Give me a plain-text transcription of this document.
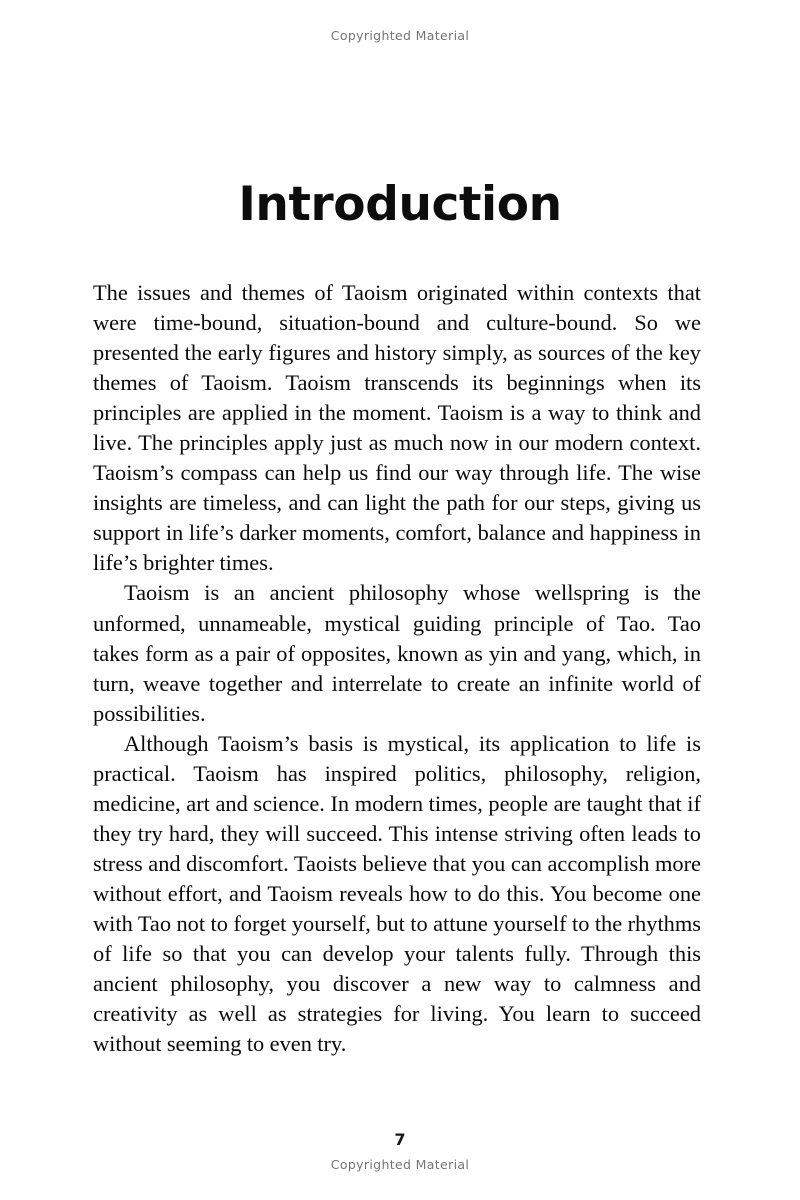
Copyrighted Material
Introduction

The issues and themes of Taoism originated within contexts that were time-bound, situation-bound and culture-bound. So we presented the early figures and history simply, as sources of the key themes of Taoism. Taoism transcends its beginnings when its principles are applied in the moment. Taoism is a way to think and live. The principles apply just as much now in our modern context. Taoism’s compass can help us find our way through life. The wise insights are timeless, and can light the path for our steps, giving us support in life’s darker moments, comfort, balance and happiness in life’s brighter times.

Taoism is an ancient philosophy whose wellspring is the unformed, unnameable, mystical guiding principle of Tao. Tao takes form as a pair of opposites, known as yin and yang, which, in turn, weave together and interrelate to create an infinite world of possibilities.

Although Taoism’s basis is mystical, its application to life is practical. Taoism has inspired politics, philosophy, religion, medicine, art and science. In modern times, people are taught that if they try hard, they will succeed. This intense striving often leads to stress and discomfort. Taoists believe that you can accomplish more without effort, and Taoism reveals how to do this. You become one with Tao not to forget yourself, but to attune yourself to the rhythms of life so that you can develop your talents fully. Through this ancient philosophy, you discover a new way to calmness and creativity as well as strategies for living. You learn to succeed without seeming to even try.

7
Copyrighted Material
